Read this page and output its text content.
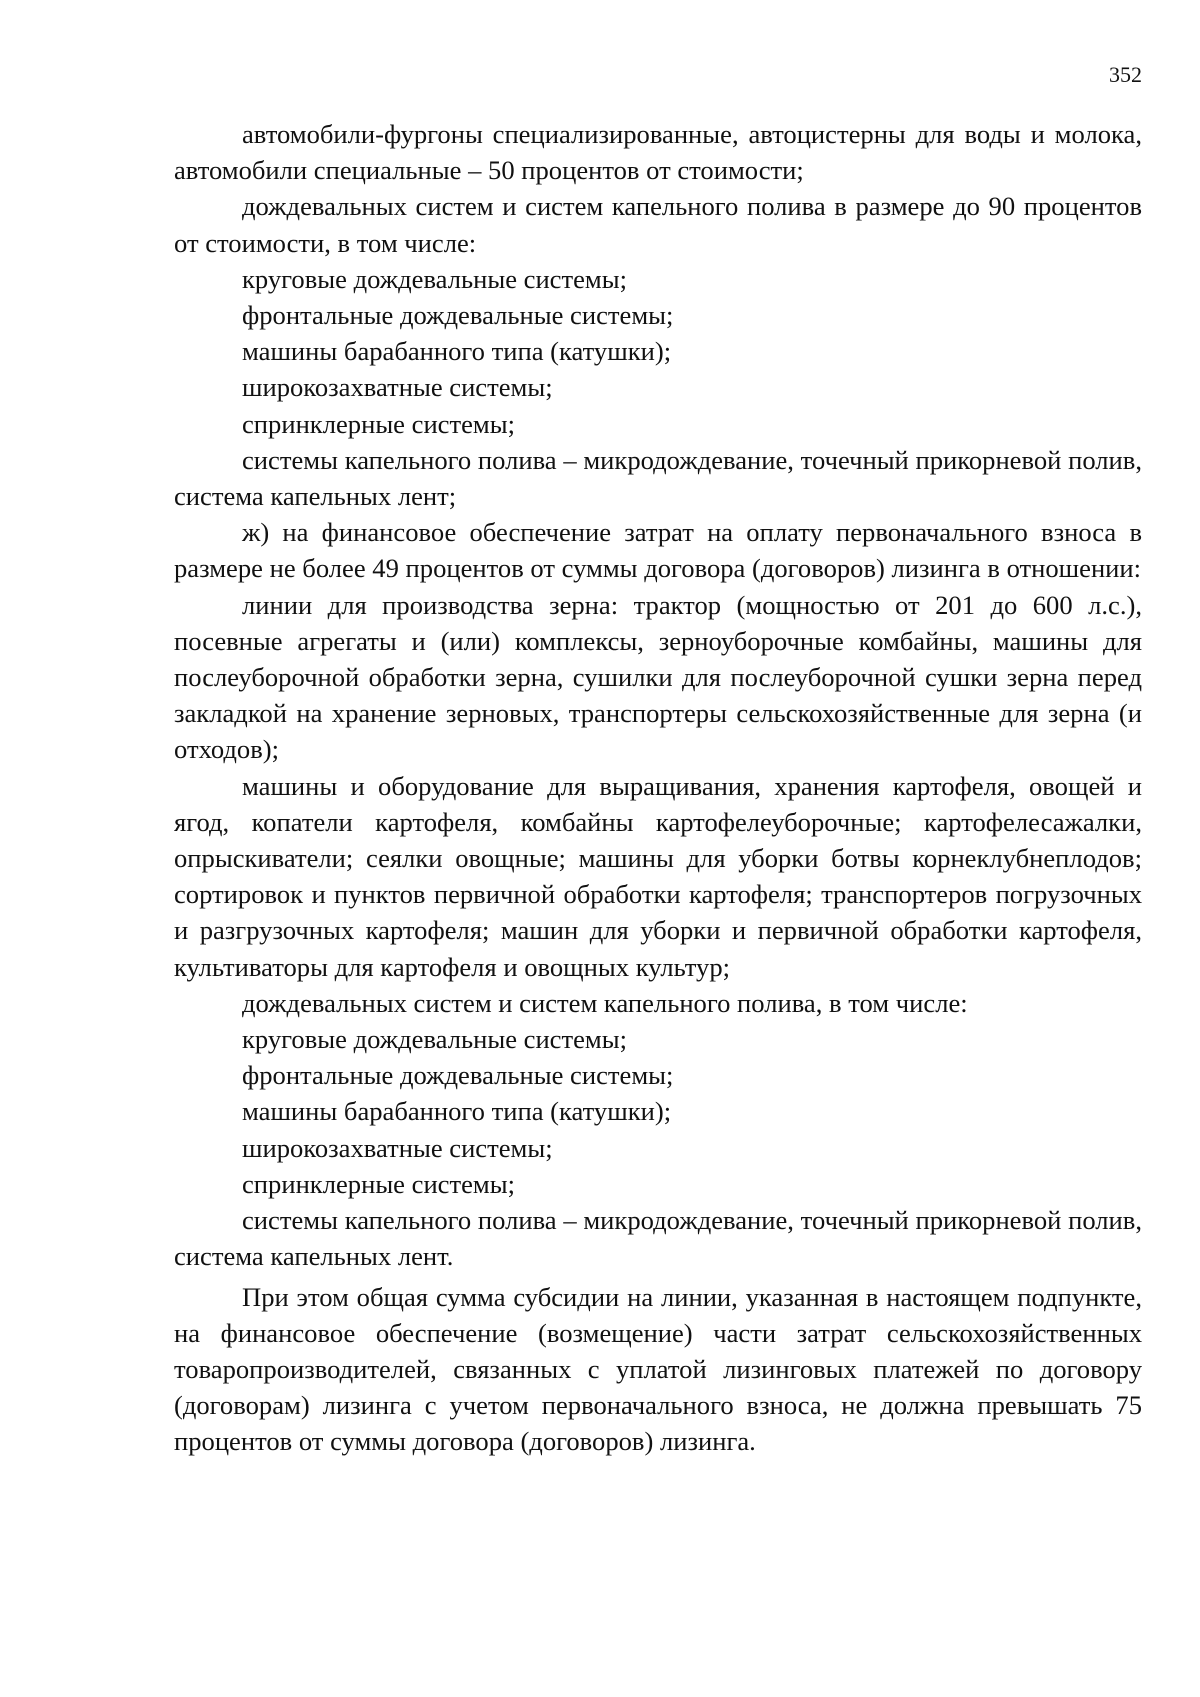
352

автомобили-фургоны специализированные, автоцистерны для воды и молока, автомобили специальные – 50 процентов от стоимости;

дождевальных систем и систем капельного полива в размере до 90 процентов от стоимости, в том числе:

круговые дождевальные системы;

фронтальные дождевальные системы;

машины барабанного типа (катушки);

широкозахватные системы;

спринклерные системы;

системы капельного полива – микродождевание, точечный прикорневой полив, система капельных лент;

ж) на финансовое обеспечение затрат на оплату первоначального взноса в размере не более 49 процентов от суммы договора (договоров) лизинга в отношении:

линии для производства зерна: трактор (мощностью от 201 до 600 л.с.), посевные агрегаты и (или) комплексы, зерноуборочные комбайны, машины для послеуборочной обработки зерна, сушилки для послеуборочной сушки зерна перед закладкой на хранение зерновых, транспортеры сельскохозяйственные для зерна (и отходов);

машины и оборудование для выращивания, хранения картофеля, овощей и ягод, копатели картофеля, комбайны картофелеуборочные; картофелесажалки, опрыскиватели; сеялки овощные; машины для уборки ботвы корнеклубнеплодов; сортировок и пунктов первичной обработки картофеля; транспортеров погрузочных и разгрузочных картофеля; машин для уборки и первичной обработки картофеля, культиваторы для картофеля и овощных культур;

дождевальных систем и систем капельного полива, в том числе:

круговые дождевальные системы;

фронтальные дождевальные системы;

машины барабанного типа (катушки);

широкозахватные системы;

спринклерные системы;

системы капельного полива – микродождевание, точечный прикорневой полив, система капельных лент.

При этом общая сумма субсидии на линии, указанная в настоящем подпункте, на финансовое обеспечение (возмещение) части затрат сельскохозяйственных товаропроизводителей, связанных с уплатой лизинговых платежей по договору (договорам) лизинга с учетом первоначального взноса, не должна превышать 75 процентов от суммы договора (договоров) лизинга.
